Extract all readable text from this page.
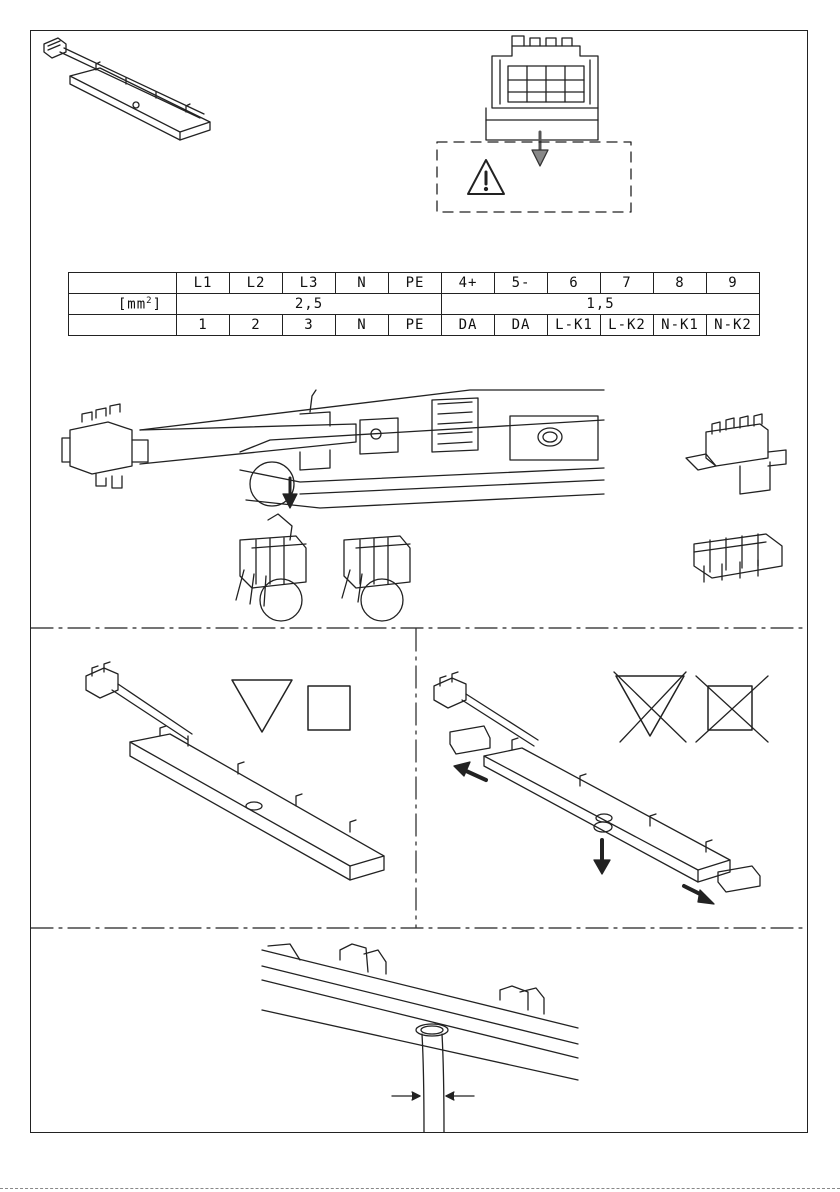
	L1	L2	L3	N	PE	4+	5-	6	7	8	9
$[mm^2]$	2,5					1,5					
	1	2	3	N	PE	DA	DA	L-K1	L-K2	N-K1	N-K2
